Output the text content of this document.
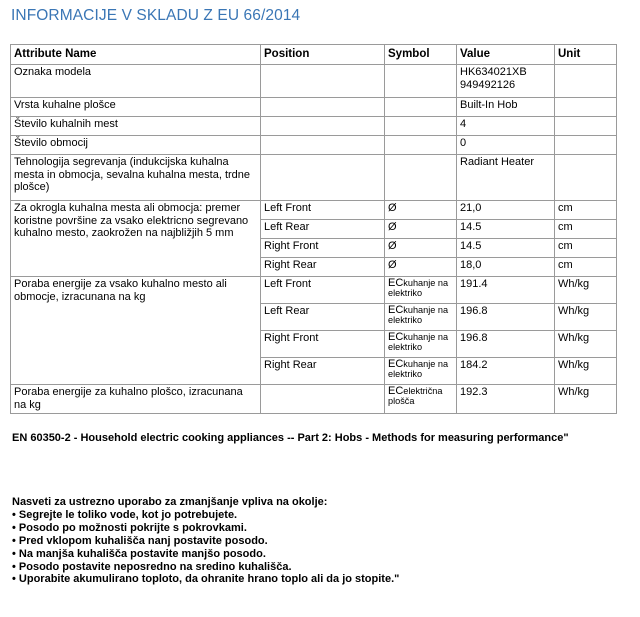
INFORMACIJE V SKLADU Z EU 66/2014
Attribute Name	Position	Symbol	Value	Unit
Oznaka modela			HK634021XB
949492126	
Vrsta kuhalne plošce			Built-In Hob	
Število kuhalnih mest			4	
Število obmocij			0	
Tehnologija segrevanja (indukcijska kuhalna mesta in obmocja, sevalna kuhalna mesta, trdne plošce)			Radiant Heater	
Za okrogla kuhalna mesta ali obmocja: premer koristne površine za vsako elektricno segrevano kuhalno mesto, zaokrožen na najbližjih 5 mm	Left Front	Ø	21,0	cm
	Left Rear	Ø	14.5	cm
	Right Front	Ø	14.5	cm
	Right Rear	Ø	18,0	cm
Poraba energije za vsako kuhalno mesto ali obmocje, izracunana na kg	Left Front	ECkuhanje na elektriko	191.4	Wh/kg
	Left Rear	ECkuhanje na elektriko	196.8	Wh/kg
	Right Front	ECkuhanje na elektriko	196.8	Wh/kg
	Right Rear	ECkuhanje na elektriko	184.2	Wh/kg
Poraba energije za kuhalno plošco, izracunana na kg		ECelektrična plošča	192.3	Wh/kg
EN 60350-2 - Household electric cooking appliances -- Part 2: Hobs - Methods for measuring performance"
Nasveti za ustrezno uporabo za zmanjšanje vpliva na okolje:
• Segrejte le toliko vode, kot jo potrebujete.
• Posodo po možnosti pokrijte s pokrovkami.
• Pred vklopom kuhališča nanj postavite posodo.
• Na manjša kuhališča postavite manjšo posodo.
• Posodo postavite neposredno na sredino kuhališča.
• Uporabite akumulirano toploto, da ohranite hrano toplo ali da jo stopite."
